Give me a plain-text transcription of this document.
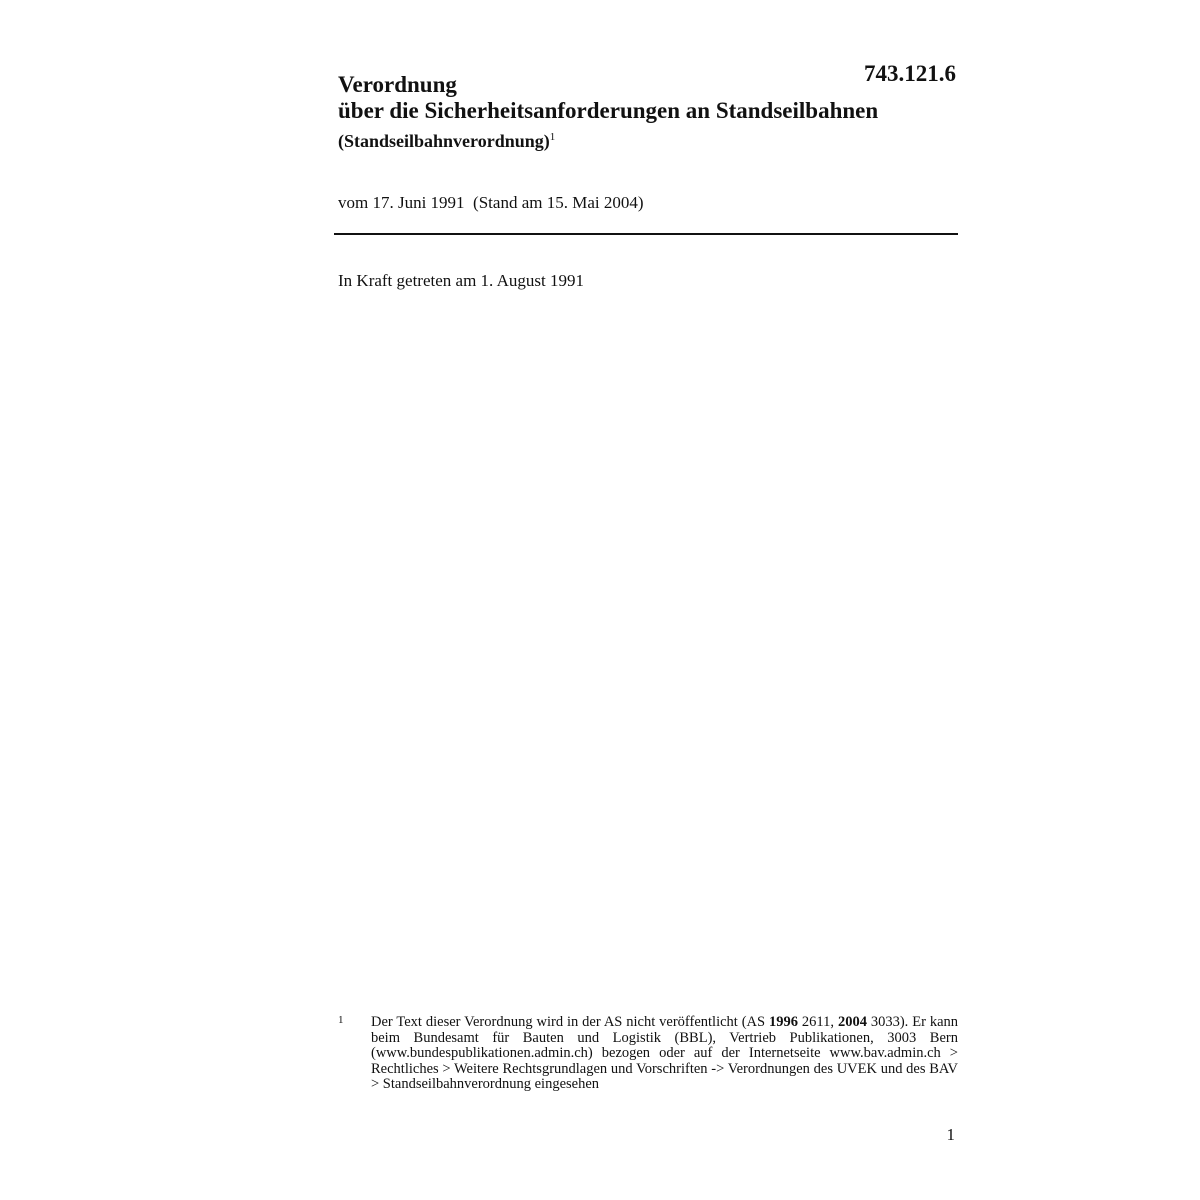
743.121.6
Verordnung
über die Sicherheitsanforderungen an Standseilbahnen
(Standseilbahnverordnung)$^1$
vom 17. Juni 1991  (Stand am 15. Mai 2004)
In Kraft getreten am 1. August 1991
1 Der Text dieser Verordnung wird in der AS nicht veröffentlicht (AS 1996 2611, 2004 3033). Er kann beim Bundesamt für Bauten und Logistik (BBL), Vertrieb Publikationen, 3003 Bern (www.bundespublikationen.admin.ch) bezogen oder auf der Internetseite www.bav.admin.ch > Rechtliches > Weitere Rechtsgrundlagen und Vorschriften -> Verordnungen des UVEK und des BAV > Standseilbahnverordnung eingesehen
1
